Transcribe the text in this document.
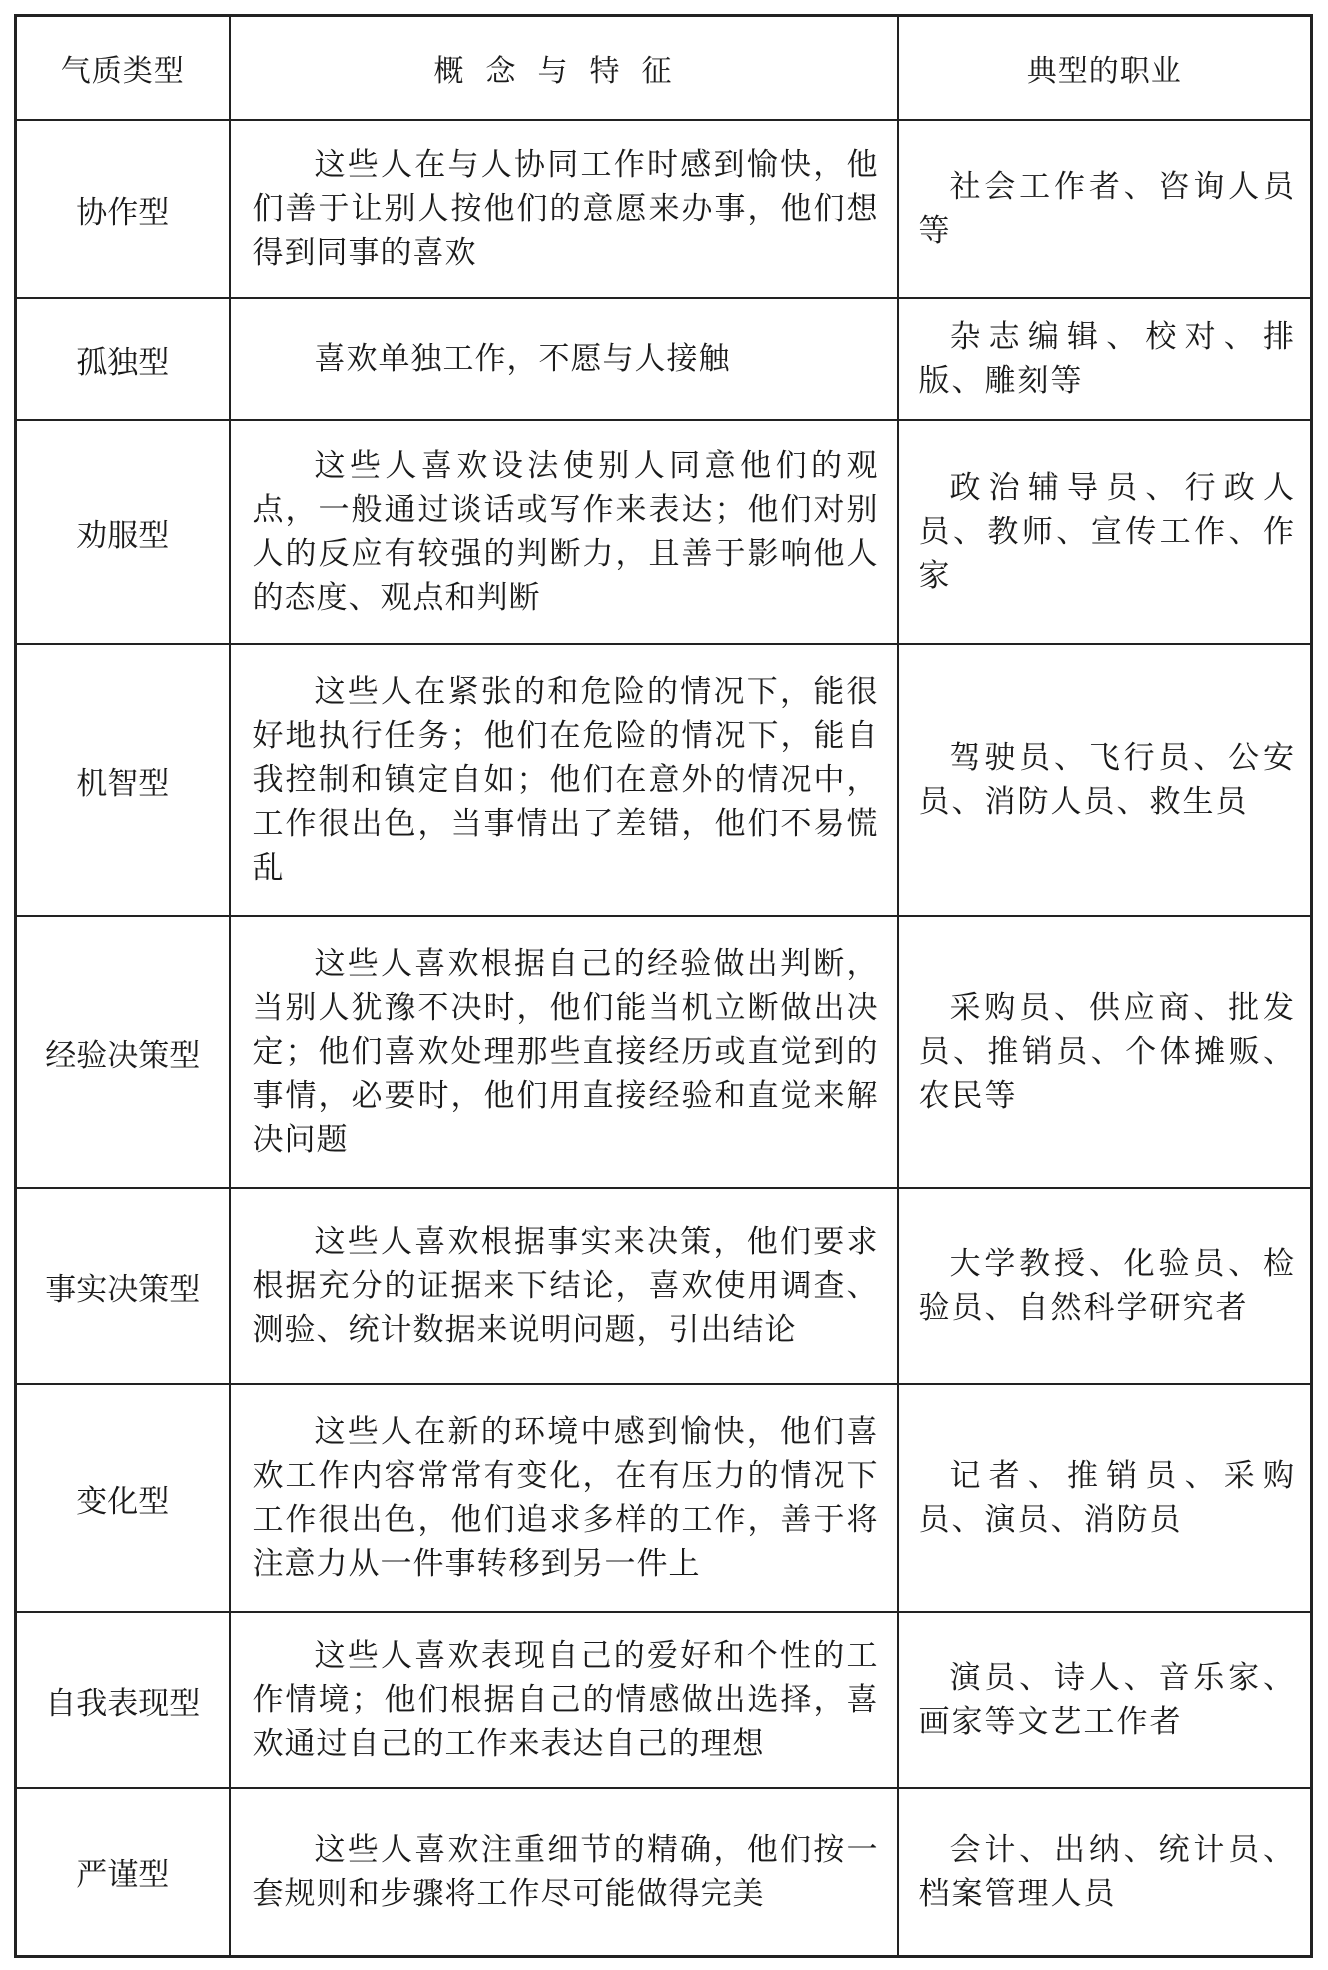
气质类型	概念与特征	典型的职业
协作型	这些人在与人协同工作时感到愉快，他们善于让别人按他们的意愿来办事，他们想得到同事的喜欢	社会工作者、咨询人员等
孤独型	喜欢单独工作，不愿与人接触	杂志编辑、校对、排版、雕刻等
劝服型	这些人喜欢设法使别人同意他们的观点，一般通过谈话或写作来表达；他们对别人的反应有较强的判断力，且善于影响他人的态度、观点和判断	政治辅导员、行政人员、教师、宣传工作、作家
机智型	这些人在紧张的和危险的情况下，能很好地执行任务；他们在危险的情况下，能自我控制和镇定自如；他们在意外的情况中，工作很出色，当事情出了差错，他们不易慌乱	驾驶员、飞行员、公安员、消防人员、救生员
经验决策型	这些人喜欢根据自己的经验做出判断，当别人犹豫不决时，他们能当机立断做出决定；他们喜欢处理那些直接经历或直觉到的事情，必要时，他们用直接经验和直觉来解决问题	采购员、供应商、批发员、推销员、个体摊贩、农民等
事实决策型	这些人喜欢根据事实来决策，他们要求根据充分的证据来下结论，喜欢使用调查、测验、统计数据来说明问题，引出结论	大学教授、化验员、检验员、自然科学研究者
变化型	这些人在新的环境中感到愉快，他们喜欢工作内容常常有变化，在有压力的情况下工作很出色，他们追求多样的工作，善于将注意力从一件事转移到另一件上	记者、推销员、采购员、演员、消防员
自我表现型	这些人喜欢表现自己的爱好和个性的工作情境；他们根据自己的情感做出选择，喜欢通过自己的工作来表达自己的理想	演员、诗人、音乐家、画家等文艺工作者
严谨型	这些人喜欢注重细节的精确，他们按一套规则和步骤将工作尽可能做得完美	会计、出纳、统计员、档案管理人员
